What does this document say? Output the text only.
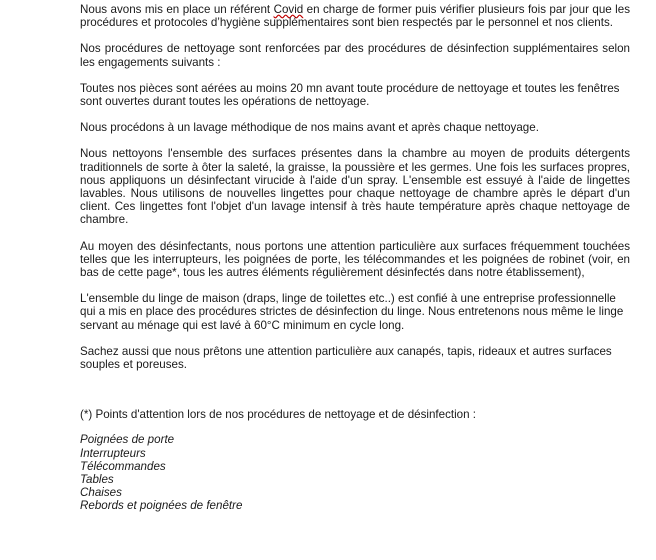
Nous avons mis en place un référent Covid en charge de former puis vérifier plusieurs fois par jour que les procédures et protocoles d’hygiène supplémentaires sont bien respectés par le personnel et nos clients.

Nos procédures de nettoyage sont renforcées par des procédures de désinfection supplémentaires selon les engagements suivants :

Toutes nos pièces sont aérées au moins 20 mn avant toute procédure de nettoyage et toutes les fenêtres sont ouvertes durant toutes les opérations de nettoyage.

Nous procédons à un lavage méthodique de nos mains avant et après chaque nettoyage.

Nous nettoyons l'ensemble des surfaces présentes dans la chambre au moyen de produits détergents traditionnels de sorte à ôter la saleté, la graisse, la poussière et les germes. Une fois les surfaces propres, nous appliquons un désinfectant virucide à l'aide d'un spray. L'ensemble est essuyé à l'aide de lingettes lavables. Nous utilisons de nouvelles lingettes pour chaque nettoyage de chambre après le départ d'un client. Ces lingettes font l'objet d'un lavage intensif à très haute température après chaque nettoyage de chambre.

Au moyen des désinfectants, nous portons une attention particulière aux surfaces fréquemment touchées telles que les interrupteurs, les poignées de porte, les télécommandes et les poignées de robinet (voir, en bas de cette page*, tous les autres éléments régulièrement désinfectés dans notre établissement),

L'ensemble du linge de maison (draps, linge de toilettes etc..) est confié à une entreprise professionnelle qui a mis en place des procédures strictes de désinfection du linge. Nous entretenons nous même le linge servant au ménage qui est lavé à 60°C minimum en cycle long.

Sachez aussi que nous prêtons une attention particulière aux canapés, tapis, rideaux et autres surfaces souples et poreuses.

(*) Points d'attention lors de nos procédures de nettoyage et de désinfection :

Poignées de porte
Interrupteurs
Télécommandes
Tables
Chaises
Rebords et poignées de fenêtre
